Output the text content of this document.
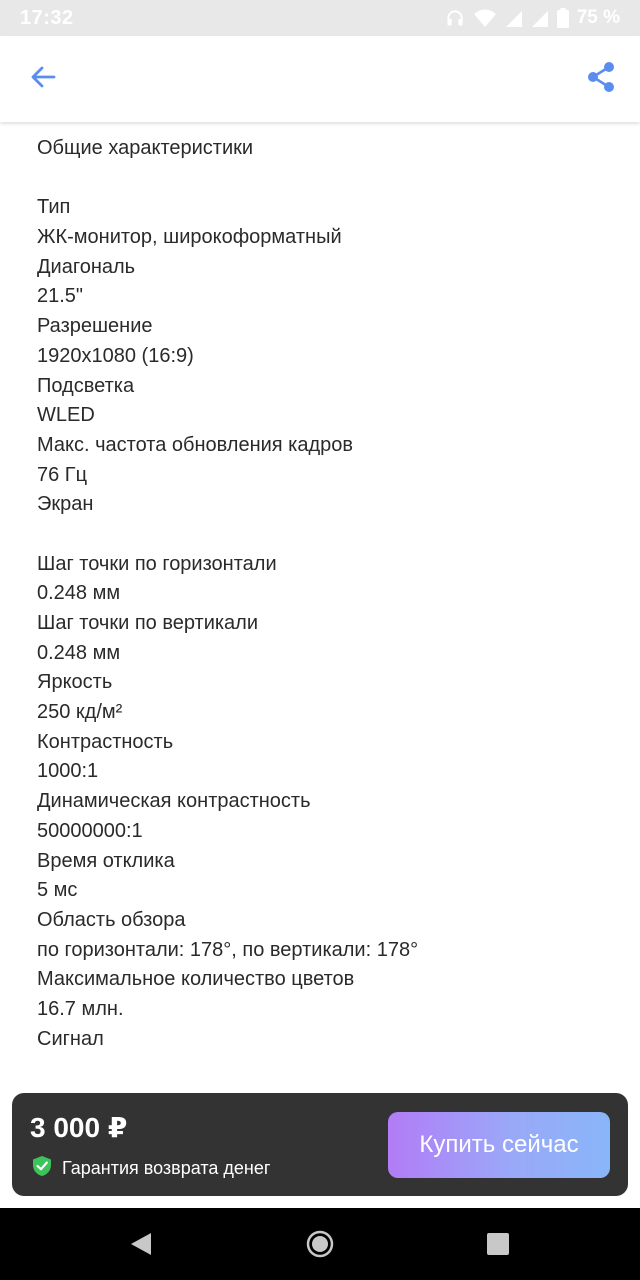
17:32	75 %
Общие характеристики
Тип
ЖК-монитор, широкоформатный
Диагональ
21.5"
Разрешение
1920x1080 (16:9)
Подсветка
WLED
Макс. частота обновления кадров
76 Гц
Экран
Шаг точки по горизонтали
0.248 мм
Шаг точки по вертикали
0.248 мм
Яркость
250 кд/м²
Контрастность
1000:1
Динамическая контрастность
50000000:1
Время отклика
5 мс
Область обзора
по горизонтали: 178°, по вертикали: 178°
Максимальное количество цветов
16.7 млн.
Сигнал
3 000 ₽
Гарантия возврата денег
Купить сейчас
